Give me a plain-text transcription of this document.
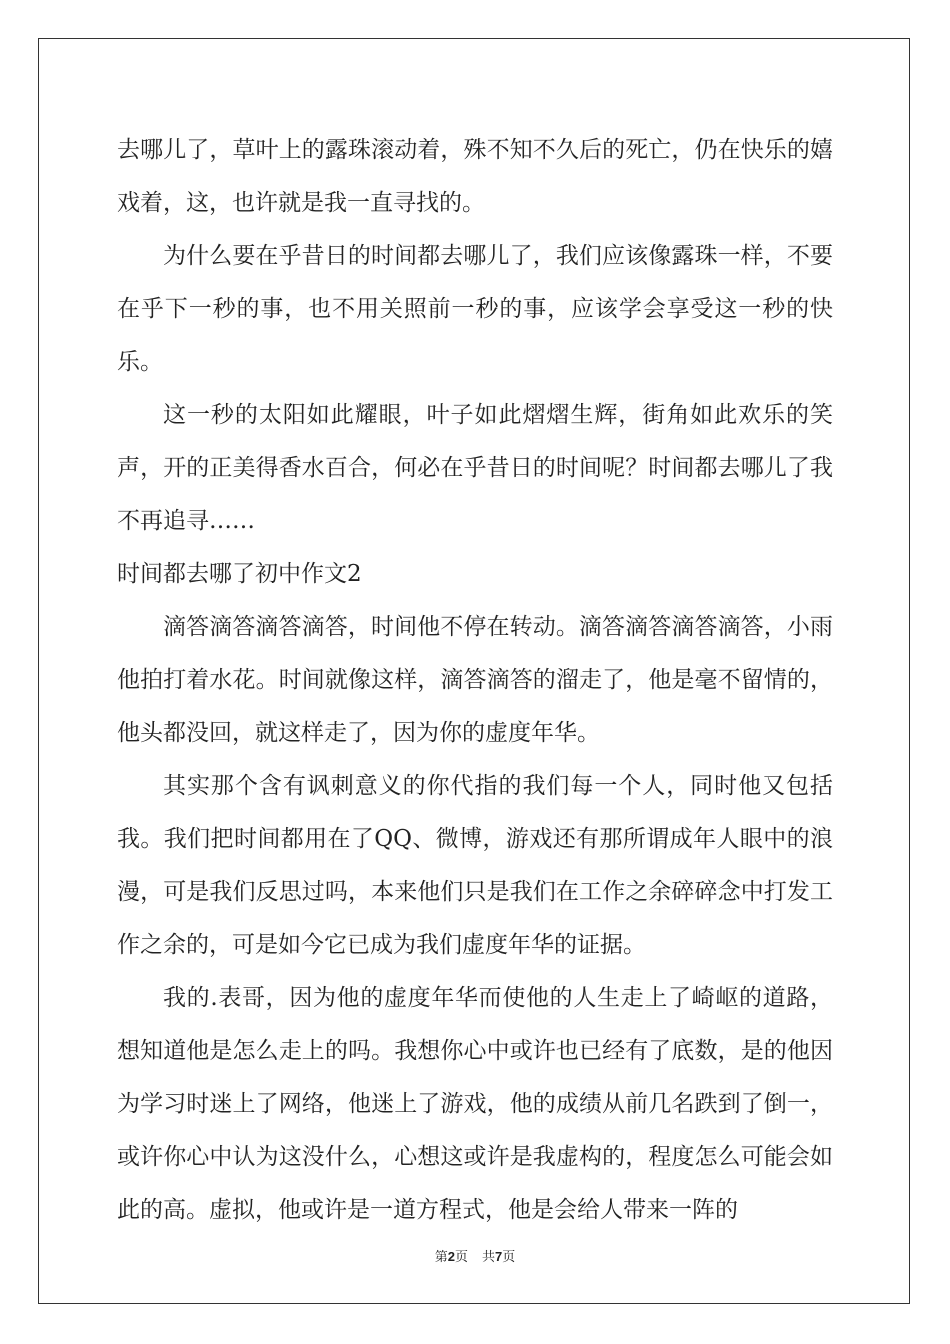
去哪儿了，草叶上的露珠滚动着，殊不知不久后的死亡，仍在快乐的嬉戏着，这，也许就是我一直寻找的。

为什么要在乎昔日的时间都去哪儿了，我们应该像露珠一样，不要在乎下一秒的事，也不用关照前一秒的事，应该学会享受这一秒的快乐。

这一秒的太阳如此耀眼，叶子如此熠熠生辉，街角如此欢乐的笑声，开的正美得香水百合，何必在乎昔日的时间呢？时间都去哪儿了我不再追寻……

时间都去哪了初中作文2

滴答滴答滴答滴答，时间他不停在转动。滴答滴答滴答滴答，小雨他拍打着水花。时间就像这样，滴答滴答的溜走了，他是毫不留情的，他头都没回，就这样走了，因为你的虚度年华。

其实那个含有讽刺意义的你代指的我们每一个人，同时他又包括我。我们把时间都用在了QQ、微博，游戏还有那所谓成年人眼中的浪漫，可是我们反思过吗，本来他们只是我们在工作之余碎碎念中打发工作之余的，可是如今它已成为我们虚度年华的证据。

我的.表哥，因为他的虚度年华而使他的人生走上了崎岖的道路，想知道他是怎么走上的吗。我想你心中或许也已经有了底数，是的他因为学习时迷上了网络，他迷上了游戏，他的成绩从前几名跌到了倒一，或许你心中认为这没什么，心想这或许是我虚构的，程度怎么可能会如此的高。虚拟，他或许是一道方程式，他是会给人带来一阵的

第2页 共7页
